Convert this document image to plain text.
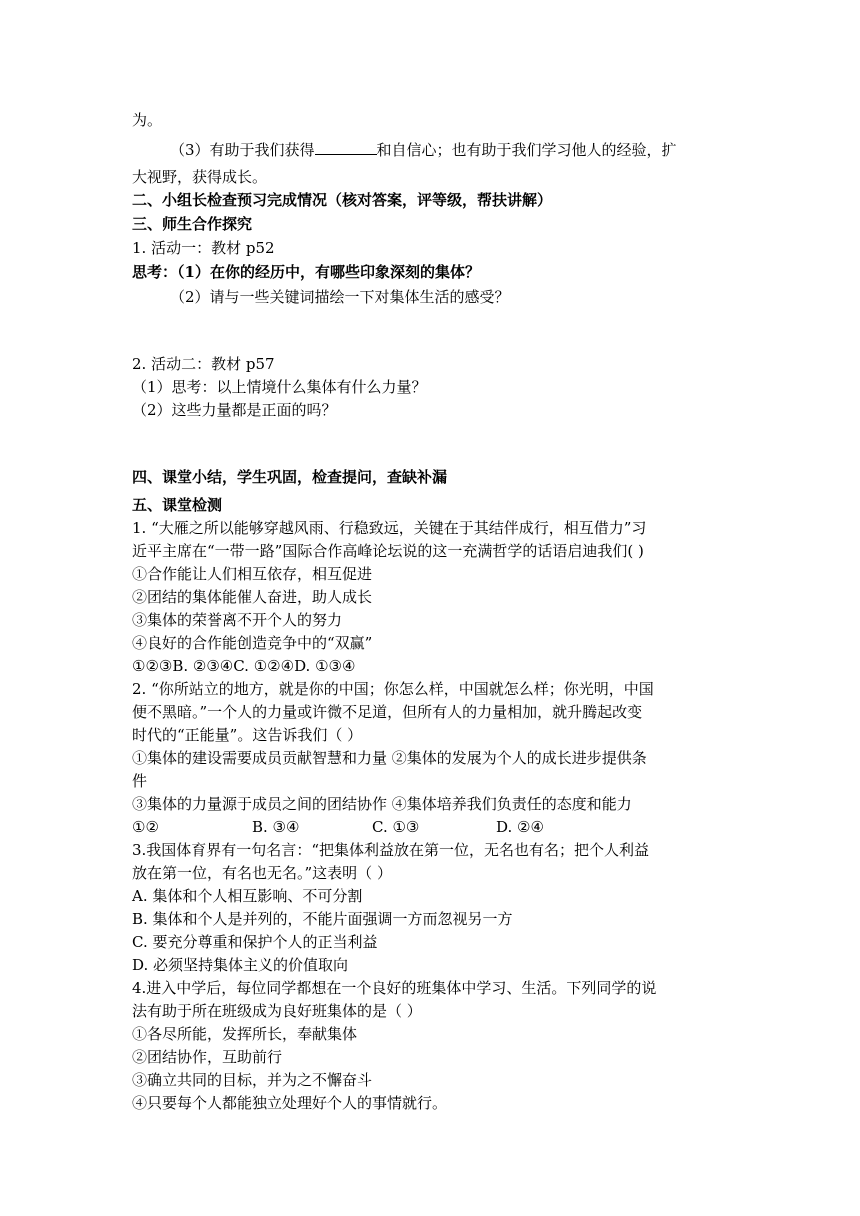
为。
（3）有助于我们获得	和自信心；也有助于我们学习他人的经验，扩
大视野，获得成长。
二、小组长检查预习完成情况（核对答案，评等级，帮扶讲解）
三、师生合作探究
1. 活动一：教材 p52
思考：（1）在你的经历中，有哪些印象深刻的集体？
（2）请与一些关键词描绘一下对集体生活的感受？
2. 活动二：教材 p57
（1）思考：以上情境什么集体有什么力量？
（2）这些力量都是正面的吗？
四、课堂小结，学生巩固，检查提问，查缺补漏
五、课堂检测
1. “大雁之所以能够穿越风雨、行稳致远，关键在于其结伴成行，相互借力”习
近平主席在“一带一路”国际合作高峰论坛说的这一充满哲学的话语启迪我们( )
①合作能让人们相互依存，相互促进
②团结的集体能催人奋进，助人成长
③集体的荣誉离不开个人的努力
④良好的合作能创造竞争中的“双赢”
①②③B. ②③④C. ①②④D. ①③④
2. “你所站立的地方，就是你的中国；你怎么样，中国就怎么样；你光明，中国
便不黑暗。”一个人的力量或许微不足道，但所有人的力量相加，就升腾起改变
时代的“正能量”。这告诉我们（ ）
①集体的建设需要成员贡献智慧和力量 ②集体的发展为个人的成长进步提供条
件
③集体的力量源于成员之间的团结协作 ④集体培养我们负责任的态度和能力
①②	B. ③④	C. ①③	D. ②④
3.我国体育界有一句名言：“把集体利益放在第一位，无名也有名；把个人利益
放在第一位，有名也无名。”这表明（ ）
A. 集体和个人相互影响、不可分割
B. 集体和个人是并列的，不能片面强调一方而忽视另一方
C. 要充分尊重和保护个人的正当利益
D. 必须坚持集体主义的价值取向
4.进入中学后，每位同学都想在一个良好的班集体中学习、生活。下列同学的说
法有助于所在班级成为良好班集体的是（ ）
①各尽所能，发挥所长，奉献集体
②团结协作，互助前行
③确立共同的目标，并为之不懈奋斗
④只要每个人都能独立处理好个人的事情就行。
